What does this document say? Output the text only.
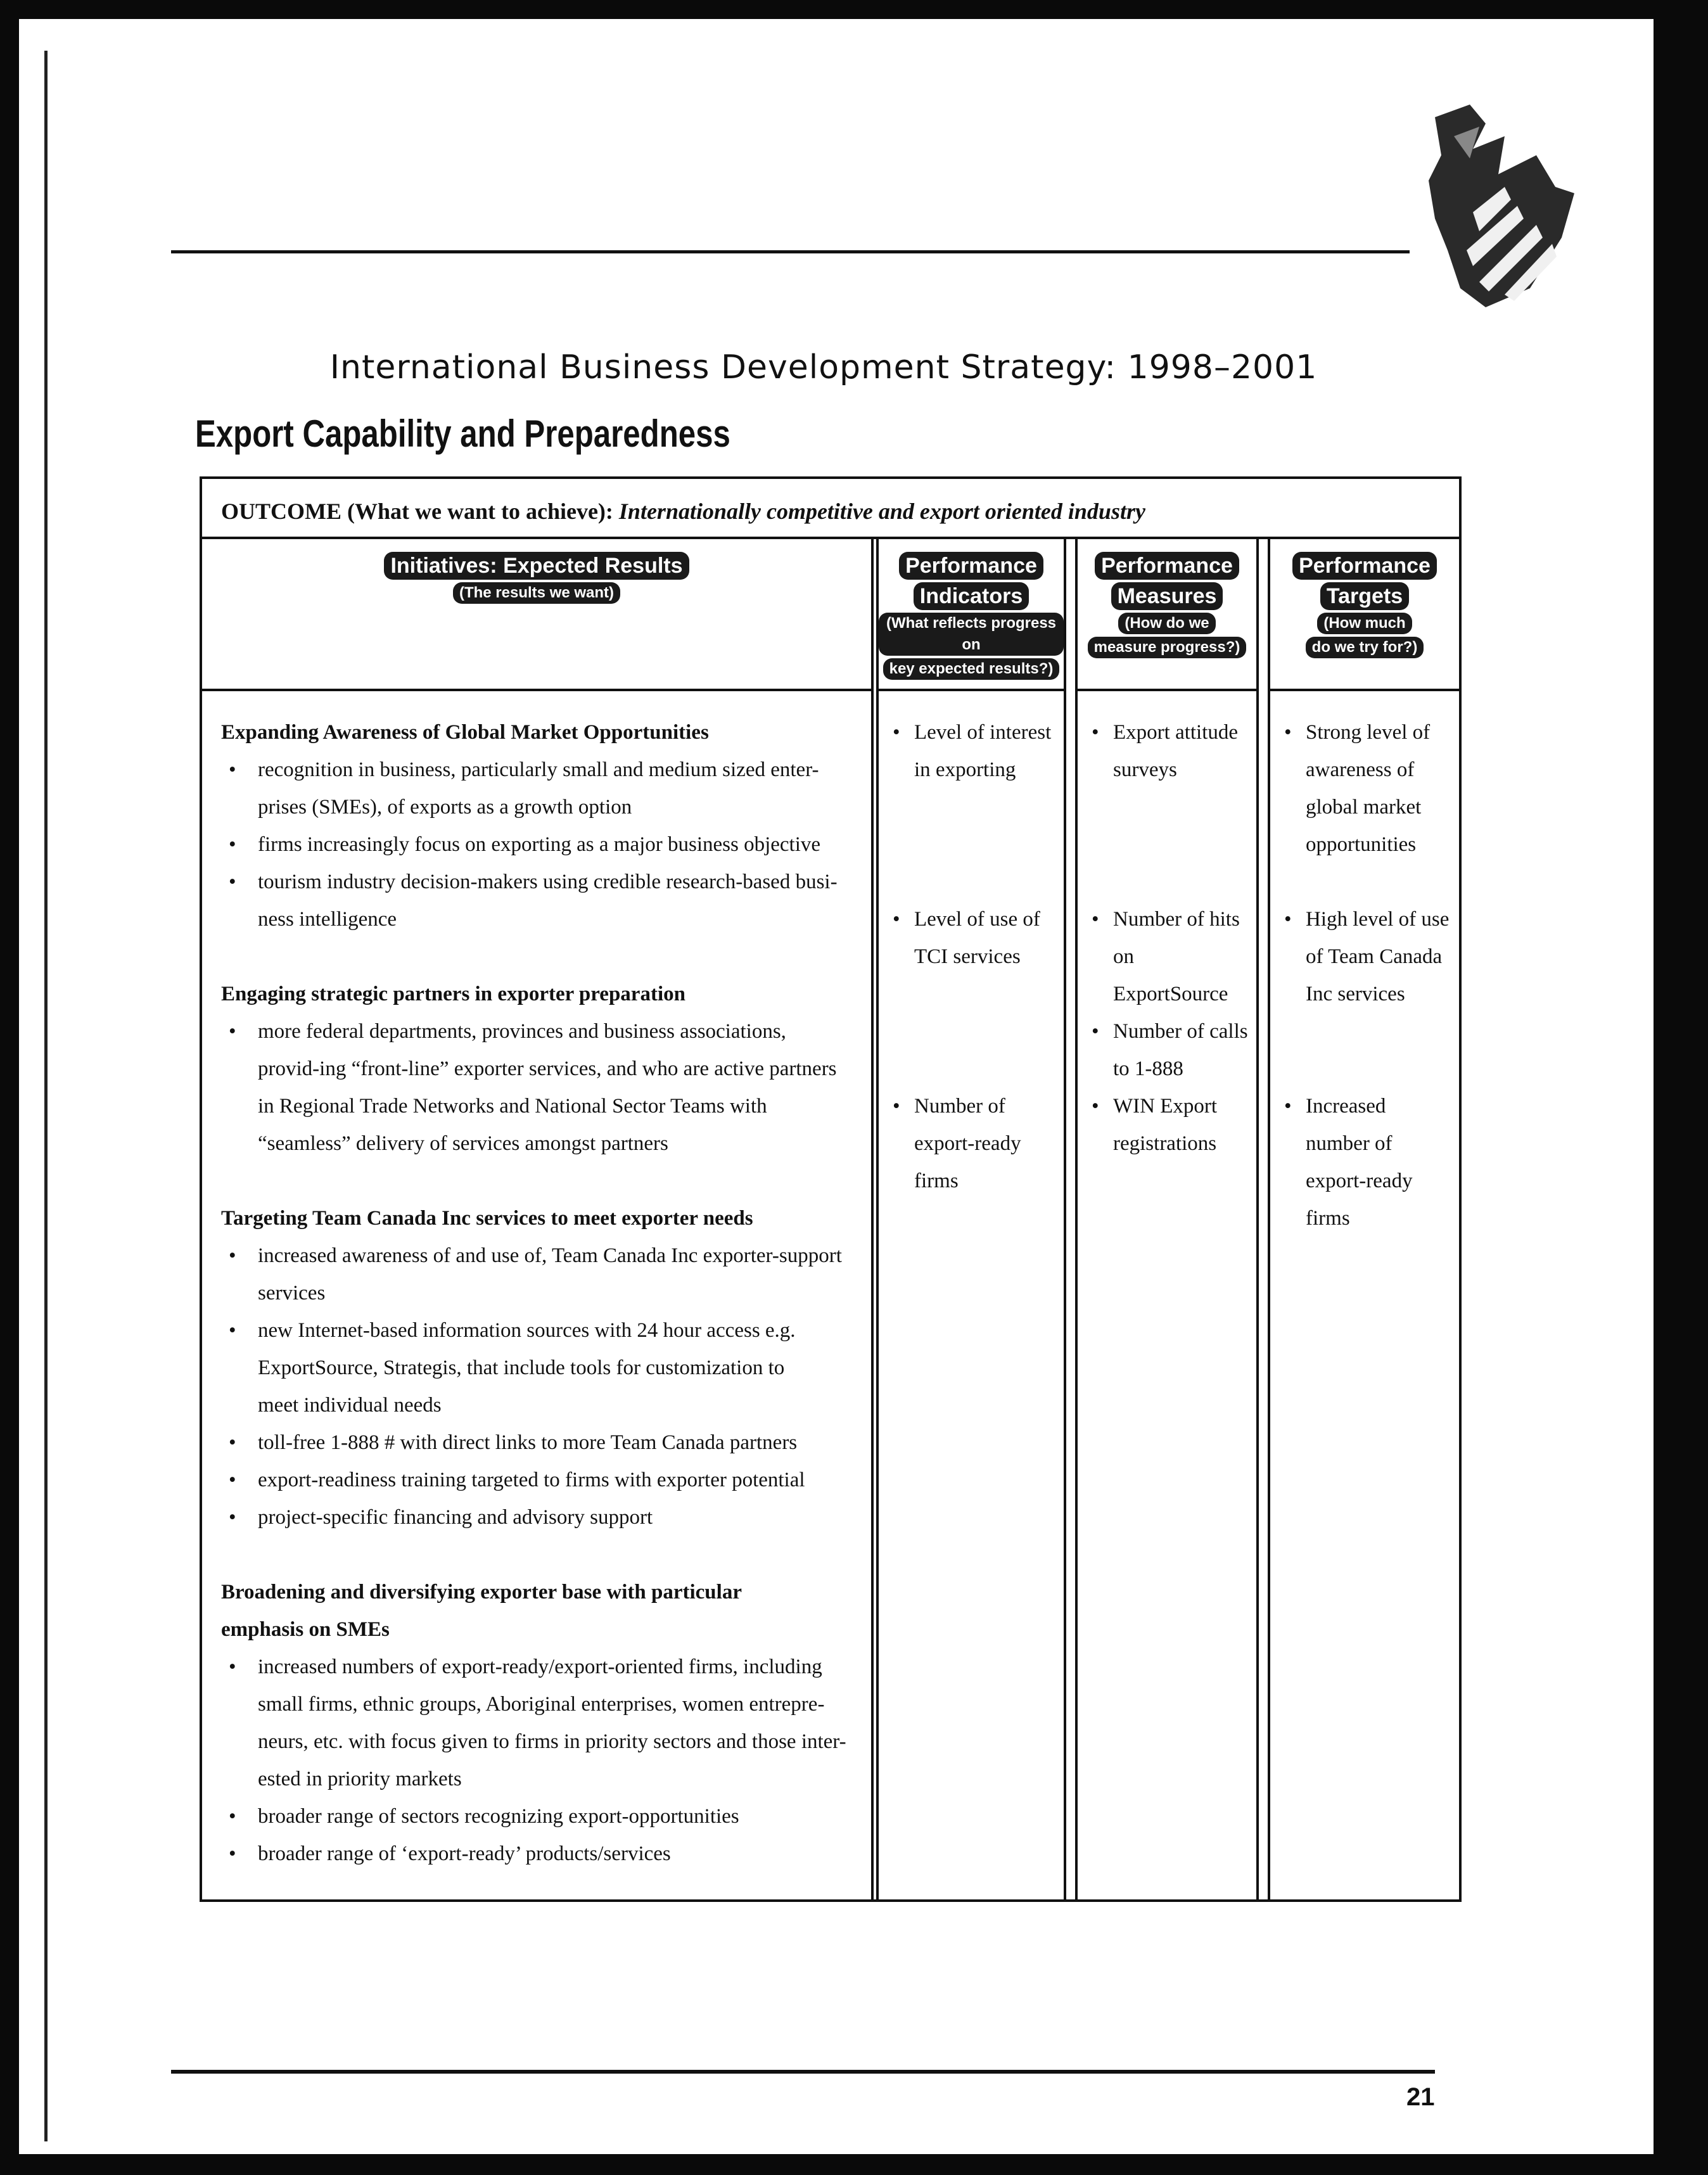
International Business Development Strategy: 1998–2001
Export Capability and Preparedness
OUTCOME (What we want to achieve): Internationally competitive and export oriented industry
Initiatives: Expected Results
(The results we want)
Expanding Awareness of Global Market Opportunities
• recognition in business, particularly small and medium sized enter-prises (SMEs), of exports as a growth option
• firms increasingly focus on exporting as a major business objective
• tourism industry decision-makers using credible research-based busi-ness intelligence
Engaging strategic partners in exporter preparation
• more federal departments, provinces and business associations, provid-ing “front-line” exporter services, and who are active partners in Regional Trade Networks and National Sector Teams with “seamless” delivery of services amongst partners
Targeting Team Canada Inc services to meet exporter needs
• increased awareness of and use of, Team Canada Inc exporter-support services
• new Internet-based information sources with 24 hour access e.g. ExportSource, Strategis, that include tools for customization to meet individual needs
• toll-free 1-888 # with direct links to more Team Canada partners
• export-readiness training targeted to firms with exporter potential
• project-specific financing and advisory support
Broadening and diversifying exporter base with particular emphasis on SMEs
• increased numbers of export-ready/export-oriented firms, including small firms, ethnic groups, Aboriginal enterprises, women entrepre-neurs, etc. with focus given to firms in priority sectors and those inter-ested in priority markets
• broader range of sectors recognizing export-opportunities
• broader range of ‘export-ready’ products/services
Performance
Indicators
(What reflects progress on
key expected results?)
• Level of interest in exporting
• Level of use of TCI services
• Number of export-ready firms
Performance
Measures
(How do we
measure progress?)
• Export attitude surveys
• Number of hits on ExportSource
• Number of calls to 1-888
• WIN Export registrations
Performance
Targets
(How much
do we try for?)
• Strong level of awareness of global market opportunities
• High level of use of Team Canada Inc services
• Increased number of export-ready firms
21
